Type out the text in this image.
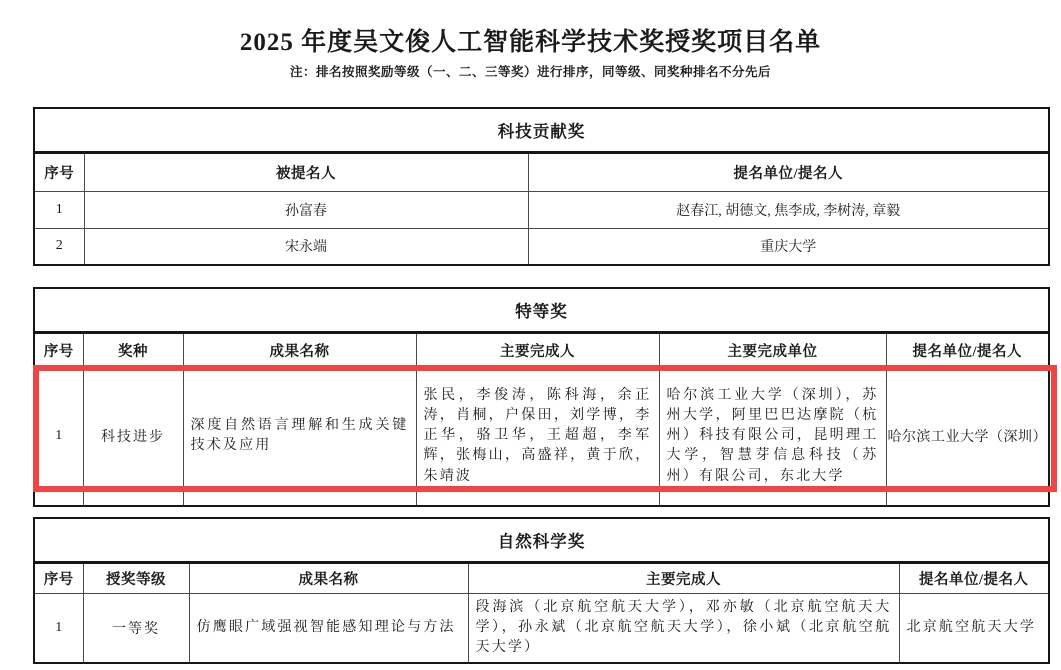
2025 年度吴文俊人工智能科学技术奖授奖项目名单
注：排名按照奖励等级（一、二、三等奖）进行排序，同等级、同奖种排名不分先后
科技贡献奖		
序号	被提名人	提名单位/提名人
1	孙富春	赵春江, 胡德文, 焦李成, 李树涛, 章毅
2	宋永端	重庆大学
特等奖					
序号	奖种	成果名称	主要完成人	主要完成单位	提名单位/提名人
1	科技进步	深度自然语言理解和生成关键技术及应用	张民，李俊涛，陈科海，余正涛，肖桐，户保田，刘学博，李正华，骆卫华，王超超，李军辉，张梅山，高盛祥，黄于欣，朱靖波	哈尔滨工业大学（深圳），苏州大学，阿里巴巴达摩院（杭州）科技有限公司，昆明理工大学，智慧芽信息科技（苏州）有限公司，东北大学	哈尔滨工业大学（深圳）
自然科学奖				
序号	授奖等级	成果名称	主要完成人	提名单位/提名人
1	一等奖	仿鹰眼广域强视智能感知理论与方法	段海滨（北京航空航天大学），邓亦敏（北京航空航天大学），孙永斌（北京航空航天大学），徐小斌（北京航空航天大学）	北京航空航天大学
